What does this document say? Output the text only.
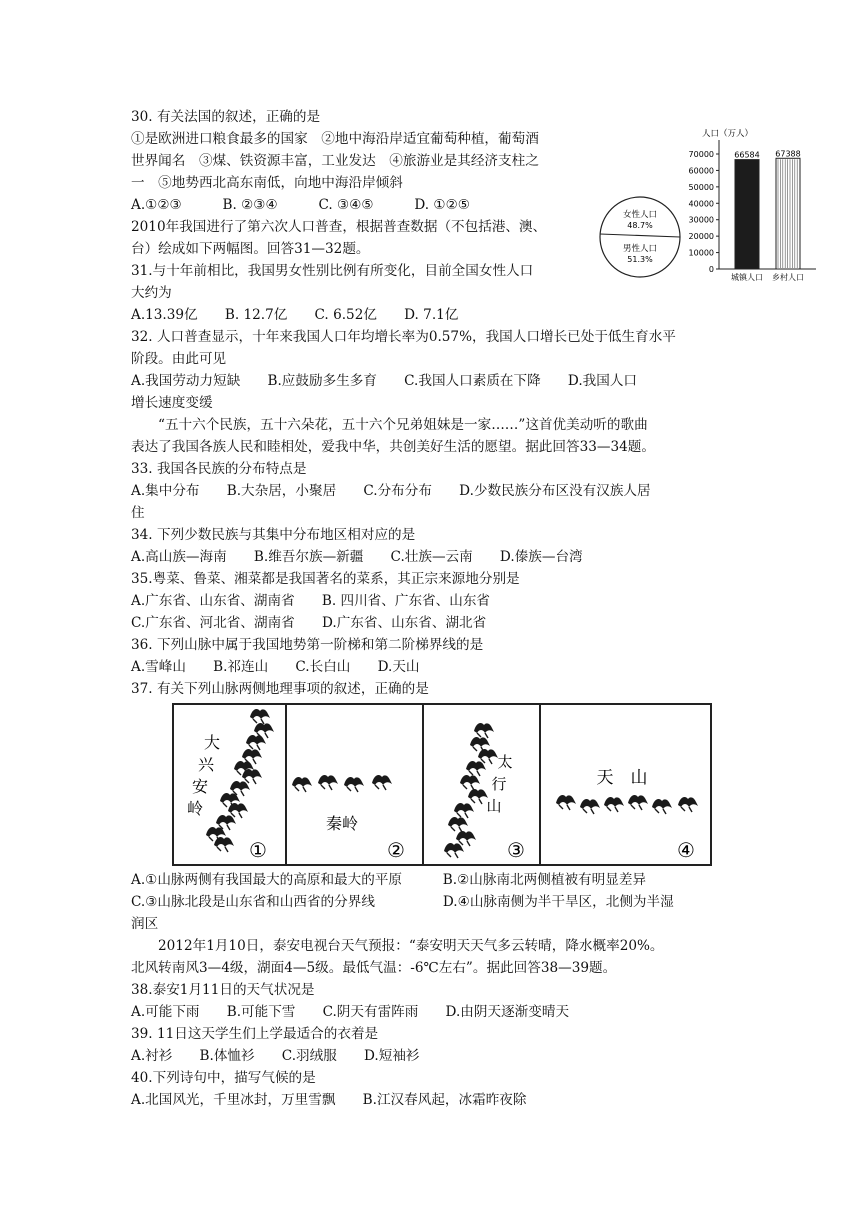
30. 有关法国的叙述，正确的是
①是欧洲进口粮食最多的国家　②地中海沿岸适宜葡萄种植，葡萄酒
世界闻名　③煤、铁资源丰富，工业发达　④旅游业是其经济支柱之
一　⑤地势西北高东南低，向地中海沿岸倾斜
A.①②③　　　B. ②③④　　　C. ③④⑤　　　D. ①②⑤
2010年我国进行了第六次人口普查，根据普查数据（不包括港、澳、
台）绘成如下两幅图。回答31—32题。
31.与十年前相比，我国男女性别比例有所变化，目前全国女性人口
大约为
A.13.39亿　　B. 12.7亿　　C. 6.52亿　　D. 7.1亿
32. 人口普查显示，十年来我国人口年均增长率为0.57%，我国人口增长已处于低生育水平
阶段。由此可见
A.我国劳动力短缺　　B.应鼓励多生多育　　C.我国人口素质在下降　　D.我国人口
增长速度变缓
“五十六个民族，五十六朵花，五十六个兄弟姐妹是一家……”这首优美动听的歌曲
表达了我国各族人民和睦相处，爱我中华，共创美好生活的愿望。据此回答33—34题。
33. 我国各民族的分布特点是
A.集中分布　　B.大杂居，小聚居　　C.分布分布　　D.少数民族分布区没有汉族人居
住
34. 下列少数民族与其集中分布地区相对应的是
A.高山族—海南　　B.维吾尔族—新疆　　C.壮族—云南　　D.傣族—台湾
35.粤菜、鲁菜、湘菜都是我国著名的菜系，其正宗来源地分别是
A.广东省、山东省、湖南省　　B. 四川省、广东省、山东省
C.广东省、河北省、湖南省　　D.广东省、山东省、湖北省
36. 下列山脉中属于我国地势第一阶梯和第二阶梯界线的是
A.雪峰山　　B.祁连山　　C.长白山　　D.天山
37. 有关下列山脉两侧地理事项的叙述，正确的是
A.①山脉两侧有我国最大的高原和最大的平原　　　B.②山脉南北两侧植被有明显差异
C.③山脉北段是山东省和山西省的分界线　　　　　D.④山脉南侧为半干旱区，北侧为半湿
润区
2012年1月10日，泰安电视台天气预报：“泰安明天天气多云转晴，降水概率20%。
北风转南风3—4级，湖面4—5级。最低气温：-6℃左右”。据此回答38—39题。
38.泰安1月11日的天气状况是
A.可能下雨　　B.可能下雪　　C.阴天有雷阵雨　　D.由阴天逐渐变晴天
39. 11日这天学生们上学最适合的衣着是
A.衬衫　　B.体恤衫　　C.羽绒服　　D.短袖衫
40.下列诗句中，描写气候的是
A.北国风光，千里冰封，万里雪飘　　B.江汉春风起，冰霜昨夜除
女性人口
48.7%
男性人口
51.3%
人口（万人）
70000
60000
50000
40000
30000
20000
10000
0
66584
城镇人口
67388
乡村人口
大
兴
安
岭
①
秦岭
②
太
行
山
③
天　山
④
